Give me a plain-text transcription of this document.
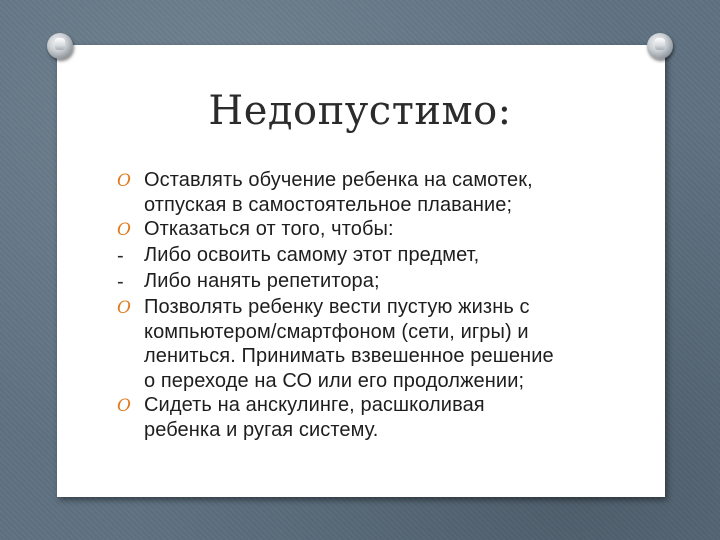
Недопустимо:
O Оставлять обучение ребенка на самотек,
отпуская в самостоятельное плавание;
O Отказаться от того, чтобы:
-	Либо освоить самому этот предмет,
-	Либо нанять репетитора;
O Позволять ребенку вести пустую жизнь с
компьютером/смартфоном (сети, игры) и
лениться. Принимать взвешенное решение
о переходе на СО или его продолжении;
O Сидеть на анскулинге, расшколивая
ребенка и ругая систему.
